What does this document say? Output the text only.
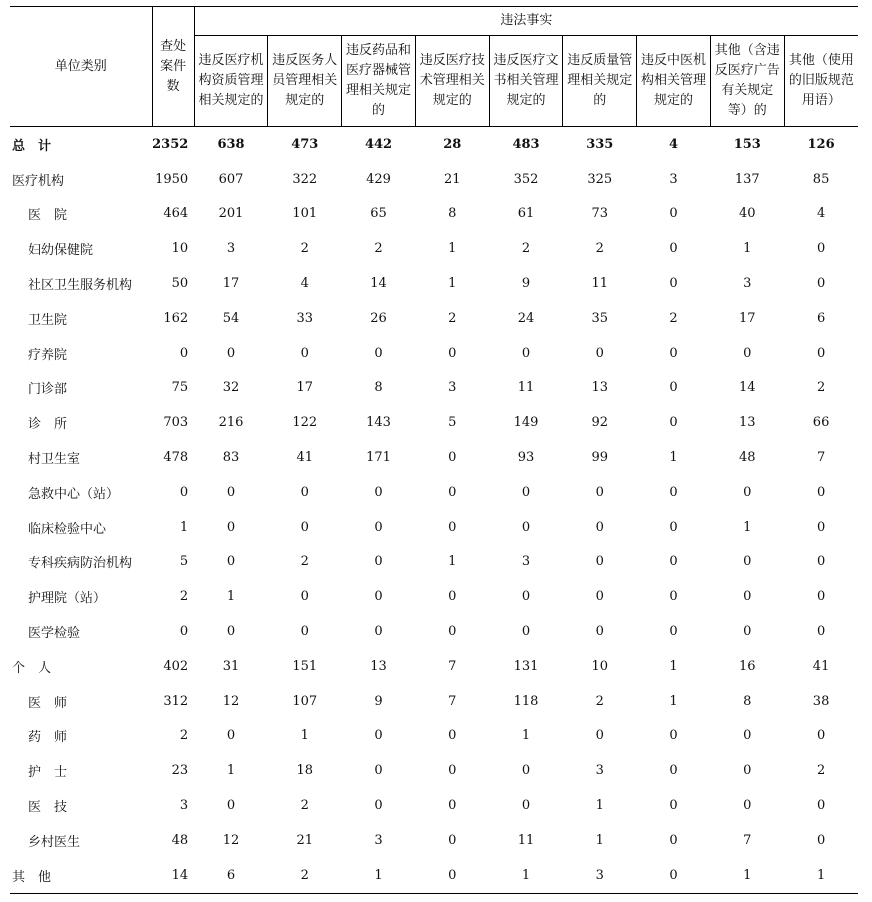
单位类别	查处案件数	违法事实								
		违反医疗机构资质管理相关规定的	违反医务人员管理相关规定的	违反药品和医疗器械管理相关规定的	违反医疗技术管理相关规定的	违反医疗文书相关管理规定的	违反质量管理相关规定的	违反中医机构相关管理规定的	其他（含违反医疗广告有关规定等）的	其他（使用的旧版规范用语）
总　计	2352	638	473	442	28	483	335	4	153	126
医疗机构	1950	607	322	429	21	352	325	3	137	85
医　院	464	201	101	65	8	61	73	0	40	4
妇幼保健院	10	3	2	2	1	2	2	0	1	0
社区卫生服务机构	50	17	4	14	1	9	11	0	3	0
卫生院	162	54	33	26	2	24	35	2	17	6
疗养院	0	0	0	0	0	0	0	0	0	0
门诊部	75	32	17	8	3	11	13	0	14	2
诊　所	703	216	122	143	5	149	92	0	13	66
村卫生室	478	83	41	171	0	93	99	1	48	7
急救中心（站）	0	0	0	0	0	0	0	0	0	0
临床检验中心	1	0	0	0	0	0	0	0	1	0
专科疾病防治机构	5	0	2	0	1	3	0	0	0	0
护理院（站）	2	1	0	0	0	0	0	0	0	0
医学检验	0	0	0	0	0	0	0	0	0	0
个　人	402	31	151	13	7	131	10	1	16	41
医　师	312	12	107	9	7	118	2	1	8	38
药　师	2	0	1	0	0	1	0	0	0	0
护　士	23	1	18	0	0	0	3	0	0	2
医　技	3	0	2	0	0	0	1	0	0	0
乡村医生	48	12	21	3	0	11	1	0	7	0
其　他	14	6	2	1	0	1	3	0	1	1
